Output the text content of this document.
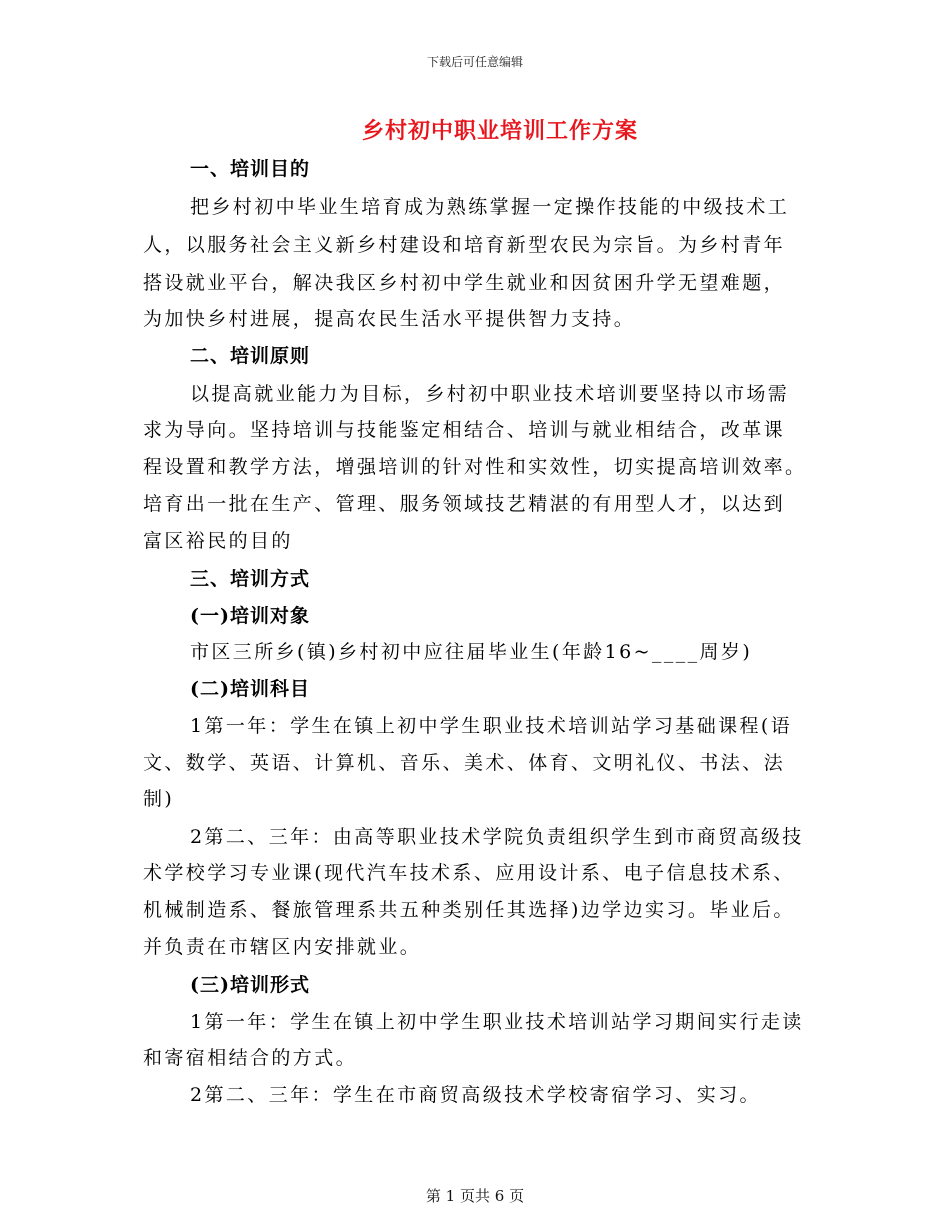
下载后可任意编辑
乡村初中职业培训工作方案
一、培训目的
把乡村初中毕业生培育成为熟练掌握一定操作技能的中级技术工
人，以服务社会主义新乡村建设和培育新型农民为宗旨。为乡村青年
搭设就业平台，解决我区乡村初中学生就业和因贫困升学无望难题，
为加快乡村进展，提高农民生活水平提供智力支持。
二、培训原则
以提高就业能力为目标，乡村初中职业技术培训要坚持以市场需
求为导向。坚持培训与技能鉴定相结合、培训与就业相结合，改革课
程设置和教学方法，增强培训的针对性和实效性，切实提高培训效率。
培育出一批在生产、管理、服务领域技艺精湛的有用型人才，以达到
富区裕民的目的
三、培训方式
(一)培训对象
市区三所乡(镇)乡村初中应往届毕业生(年龄16~____周岁)
(二)培训科目
1第一年：学生在镇上初中学生职业技术培训站学习基础课程(语
文、数学、英语、计算机、音乐、美术、体育、文明礼仪、书法、法
制)
2第二、三年：由高等职业技术学院负责组织学生到市商贸高级技
术学校学习专业课(现代汽车技术系、应用设计系、电子信息技术系、
机械制造系、餐旅管理系共五种类别任其选择)边学边实习。毕业后。
并负责在市辖区内安排就业。
(三)培训形式
1第一年：学生在镇上初中学生职业技术培训站学习期间实行走读
和寄宿相结合的方式。
2第二、三年：学生在市商贸高级技术学校寄宿学习、实习。
第 1 页共 6 页
